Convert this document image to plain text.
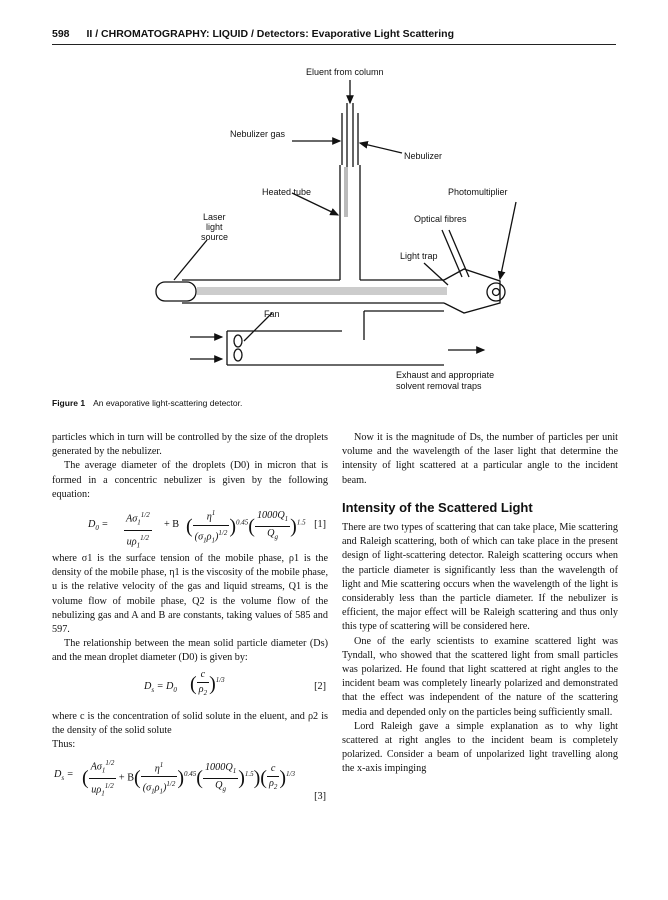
598 II / CHROMATOGRAPHY: LIQUID / Detectors: Evaporative Light Scattering
Eluent from column
Nebulizer gas
Nebulizer
Heated tube	Photomultiplier
Laser
light
source
Optical fibres
Light trap
Fan
Exhaust and appropriate
solvent removal traps
Figure 1 An evaporative light-scattering detector.

particles which in turn will be controlled by the size of the droplets generated by the nebulizer.

The average diameter of the droplets (D0) in micron that is formed in a concentric nebulizer is given by the following equation:

$D_0 = \frac{A\sigma_1^{1/2}}{u\rho_1^{1/2}} + B$ ( $\frac{\eta^1}{(\sigma_1\rho_1)^{1/2}} )^{0.45}( \frac{1000Q_1}{Q_g} )^{1.5}$ [1]

where σ1 is the surface tension of the mobile phase, ρ1 is the density of the mobile phase, η1 is the viscosity of the mobile phase, u is the relative velocity of the gas and liquid streams, Q1 is the volume flow of mobile phase, Q2 is the volume flow of the nebulizing gas and A and B are constants, taking values of 585 and 597.

The relationship between the mean solid particle diameter (Ds) and the mean droplet diameter (D0) is given by:

$D_s = D_0$ ( $\frac{c}{\rho_2} )^{1/3}$
[2]

where c is the concentration of solid solute in the eluent, and ρ2 is the density of the solid solute

Thus:

$D_s$ = ( $\frac{A\sigma_1^{1/2}}{u\rho_1^{1/2}} + B( \frac{\eta^1}{(\sigma_1\rho_1)^{1/2}} )^{0.45}( \frac{1000Q_1}{Q_g} )^{1.5})( \frac{c}{\rho_2} )^{1/3}$
[3]

Now it is the magnitude of Ds, the number of particles per unit volume and the wavelength of the laser light that determine the intensity of light scattered at a particular angle to the incident beam.

Intensity of the Scattered Light

There are two types of scattering that can take place, Mie scattering and Raleigh scattering, both of which can take place in the present design of light-scattering detector. Raleigh scattering occurs when the particle diameter is significantly less than the wavelength of light and Mie scattering occurs when the wavelength of the light is considerably less than the particle diameter. If the nebulizer is efficient, the major effect will be Raleigh scattering and thus only this type of scattering will be considered here.

One of the early scientists to examine scattered light was Tyndall, who showed that the scattered light from small particles was polarized. He found that light scattered at right angles to the incident beam was completely linearly polarized and demonstrated that the effect was independent of the nature of the scattering media and depended only on the particles being sufficiently small.

Lord Raleigh gave a simple explanation as to why light scattered at right angles to the incident beam is completely polarized. Consider a beam of unpolarized light travelling along the x-axis impinging
